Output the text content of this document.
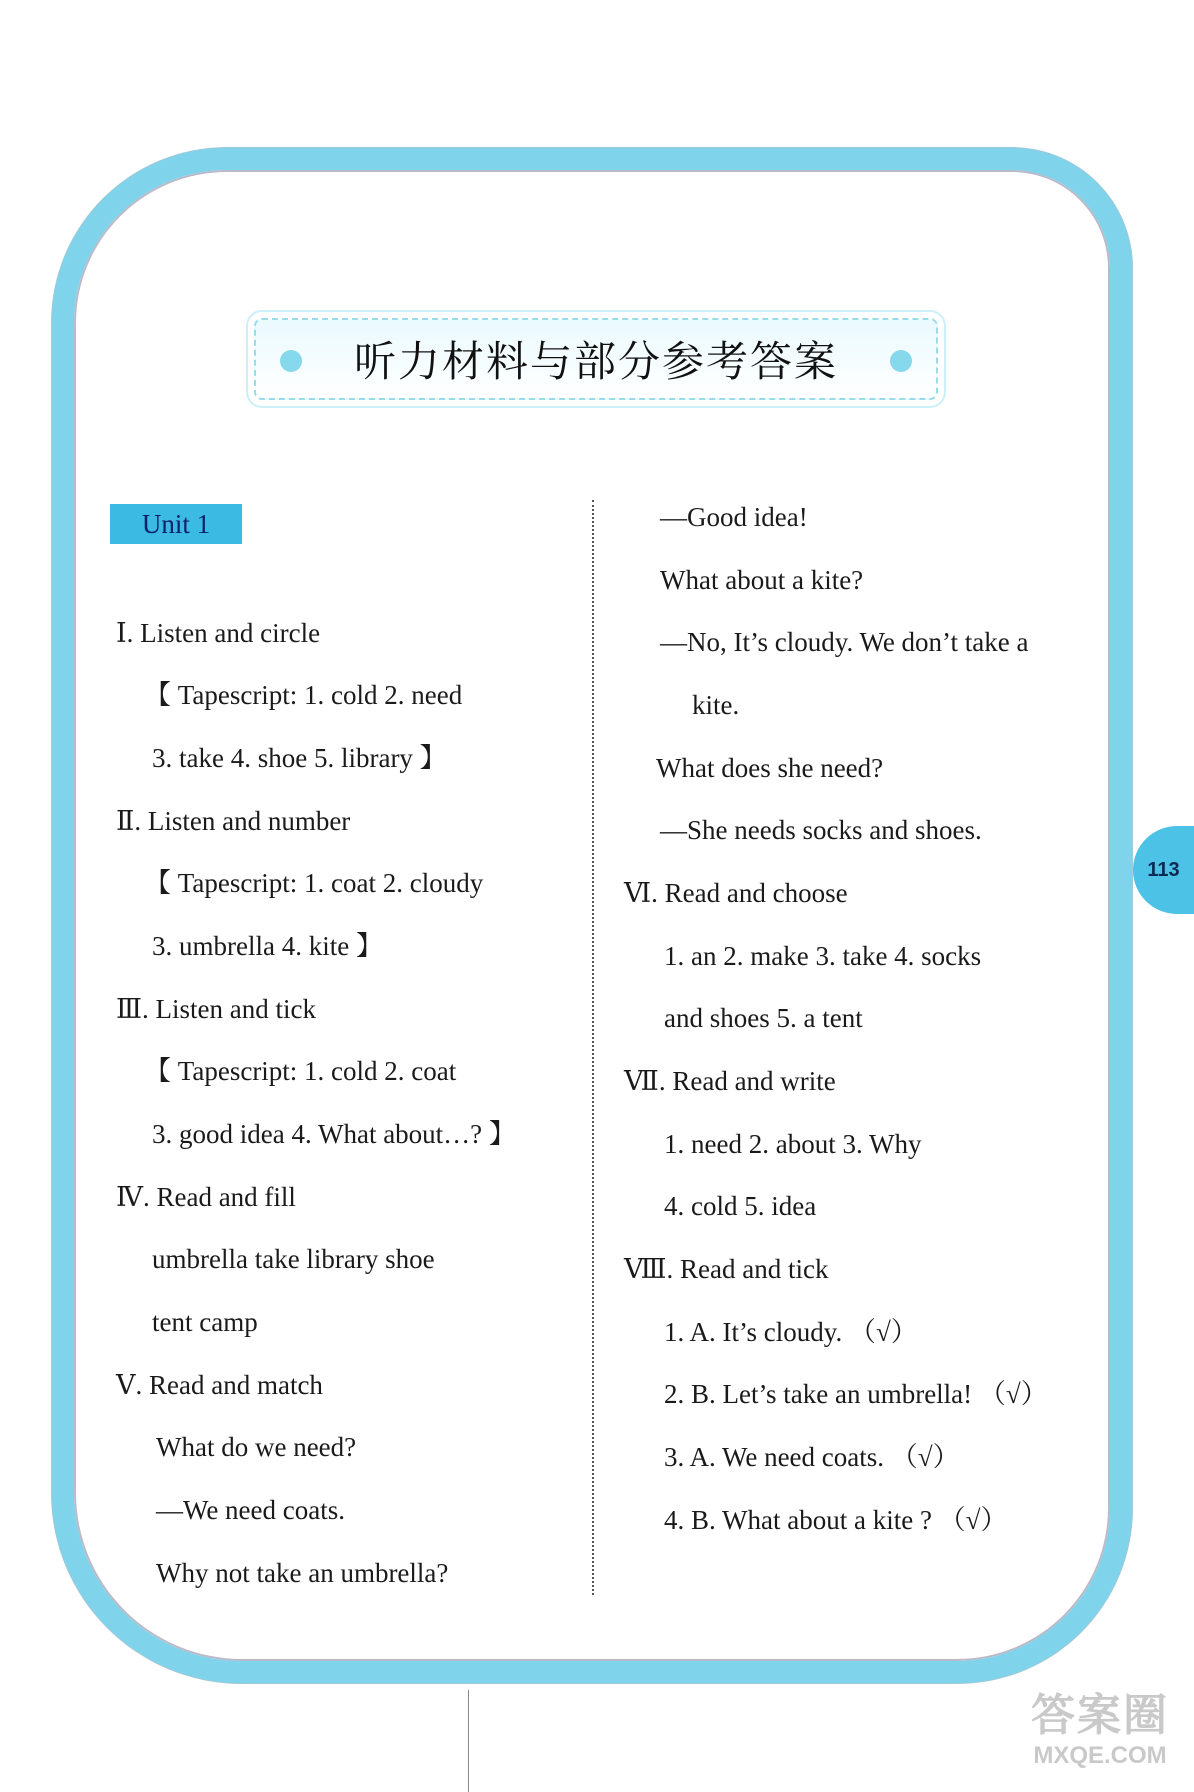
听力材料与部分参考答案
Unit 1
Ⅰ. Listen and circle
【 Tapescript: 1. cold 2. need
3. take 4. shoe 5. library 】
Ⅱ. Listen and number
【 Tapescript: 1. coat 2. cloudy
3. umbrella 4. kite 】
Ⅲ. Listen and tick
【 Tapescript: 1. cold 2. coat
3. good idea 4. What about…? 】
Ⅳ. Read and fill
umbrella take library shoe
tent camp
Ⅴ. Read and match
What do we need?
—We need coats.
Why not take an umbrella?
—Good idea!
What about a kite?
—No, It’s cloudy. We don’t take a
kite.
What does she need?
—She needs socks and shoes.
Ⅵ. Read and choose
1. an 2. make 3. take 4. socks
and shoes 5. a tent
Ⅶ. Read and write
1. need 2. about 3. Why
4. cold 5. idea
Ⅷ. Read and tick
1. A. It’s cloudy. （√）
2. B. Let’s take an umbrella! （√）
3. A. We need coats. （√）
4. B. What about a kite ? （√）
113
答案圈
MXQE.COM
